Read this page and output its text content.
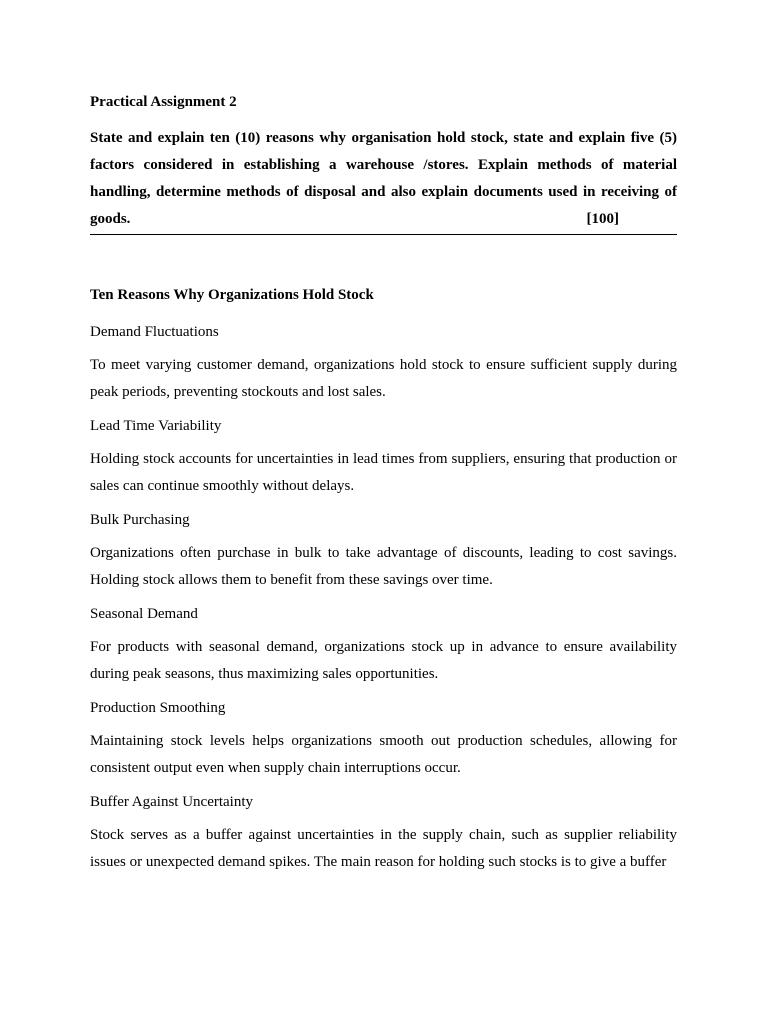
Practical Assignment 2

State and explain ten (10) reasons why organisation hold stock, state and explain five (5) factors considered in establishing a warehouse /stores. Explain methods of material handling, determine methods of disposal and also explain documents used in receiving of goods.	[100]

Ten Reasons Why Organizations Hold Stock

Demand Fluctuations

To meet varying customer demand, organizations hold stock to ensure sufficient supply during peak periods, preventing stockouts and lost sales.

Lead Time Variability

Holding stock accounts for uncertainties in lead times from suppliers, ensuring that production or sales can continue smoothly without delays.

Bulk Purchasing

Organizations often purchase in bulk to take advantage of discounts, leading to cost savings. Holding stock allows them to benefit from these savings over time.

Seasonal Demand

For products with seasonal demand, organizations stock up in advance to ensure availability during peak seasons, thus maximizing sales opportunities.

Production Smoothing

Maintaining stock levels helps organizations smooth out production schedules, allowing for consistent output even when supply chain interruptions occur.

Buffer Against Uncertainty

Stock serves as a buffer against uncertainties in the supply chain, such as supplier reliability issues or unexpected demand spikes. The main reason for holding such stocks is to give a buffer
